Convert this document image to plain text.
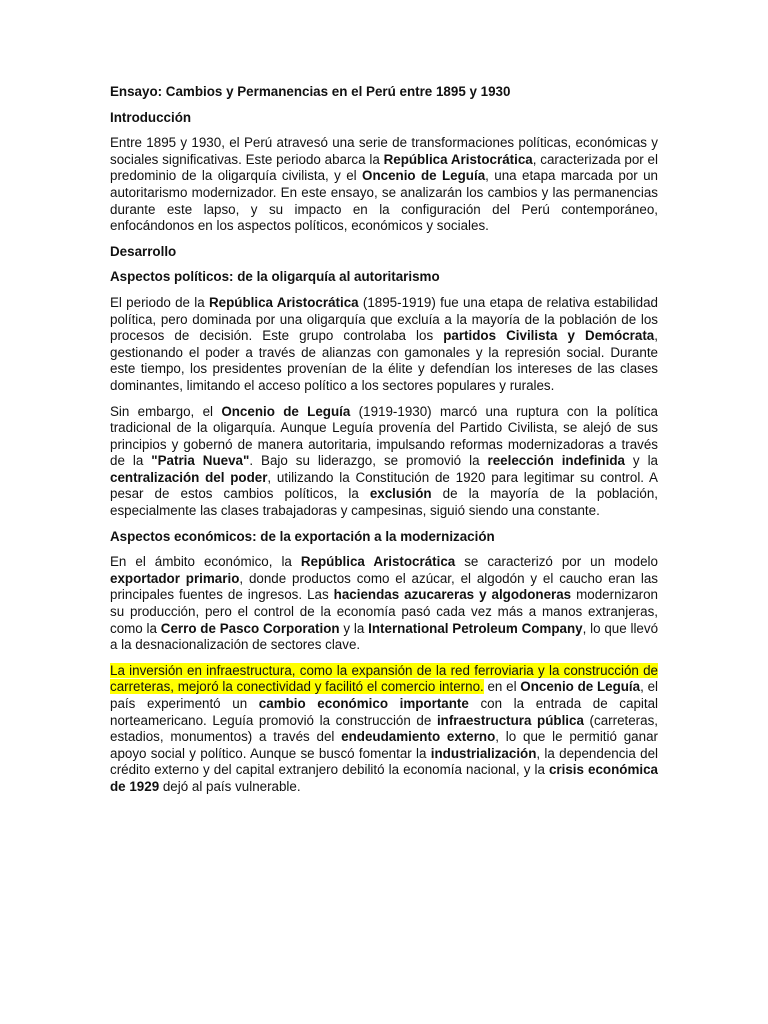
Ensayo: Cambios y Permanencias en el Perú entre 1895 y 1930
Introducción

Entre 1895 y 1930, el Perú atravesó una serie de transformaciones políticas, económicas y sociales significativas. Este periodo abarca la República Aristocrática, caracterizada por el predominio de la oligarquía civilista, y el Oncenio de Leguía, una etapa marcada por un autoritarismo modernizador. En este ensayo, se analizarán los cambios y las permanencias durante este lapso, y su impacto en la configuración del Perú contemporáneo, enfocándonos en los aspectos políticos, económicos y sociales.

Desarrollo
Aspectos políticos: de la oligarquía al autoritarismo

El periodo de la República Aristocrática (1895-1919) fue una etapa de relativa estabilidad política, pero dominada por una oligarquía que excluía a la mayoría de la población de los procesos de decisión. Este grupo controlaba los partidos Civilista y Demócrata, gestionando el poder a través de alianzas con gamonales y la represión social. Durante este tiempo, los presidentes provenían de la élite y defendían los intereses de las clases dominantes, limitando el acceso político a los sectores populares y rurales.

Sin embargo, el Oncenio de Leguía (1919-1930) marcó una ruptura con la política tradicional de la oligarquía. Aunque Leguía provenía del Partido Civilista, se alejó de sus principios y gobernó de manera autoritaria, impulsando reformas modernizadoras a través de la "Patria Nueva". Bajo su liderazgo, se promovió la reelección indefinida y la centralización del poder, utilizando la Constitución de 1920 para legitimar su control. A pesar de estos cambios políticos, la exclusión de la mayoría de la población, especialmente las clases trabajadoras y campesinas, siguió siendo una constante.

Aspectos económicos: de la exportación a la modernización

En el ámbito económico, la República Aristocrática se caracterizó por un modelo exportador primario, donde productos como el azúcar, el algodón y el caucho eran las principales fuentes de ingresos. Las haciendas azucareras y algodoneras modernizaron su producción, pero el control de la economía pasó cada vez más a manos extranjeras, como la Cerro de Pasco Corporation y la International Petroleum Company, lo que llevó a la desnacionalización de sectores clave.

La inversión en infraestructura, como la expansión de la red ferroviaria y la construcción de carreteras, mejoró la conectividad y facilitó el comercio interno. en el Oncenio de Leguía, el país experimentó un cambio económico importante con la entrada de capital norteamericano. Leguía promovió la construcción de infraestructura pública (carreteras, estadios, monumentos) a través del endeudamiento externo, lo que le permitió ganar apoyo social y político. Aunque se buscó fomentar la industrialización, la dependencia del crédito externo y del capital extranjero debilitó la economía nacional, y la crisis económica de 1929 dejó al país vulnerable.
